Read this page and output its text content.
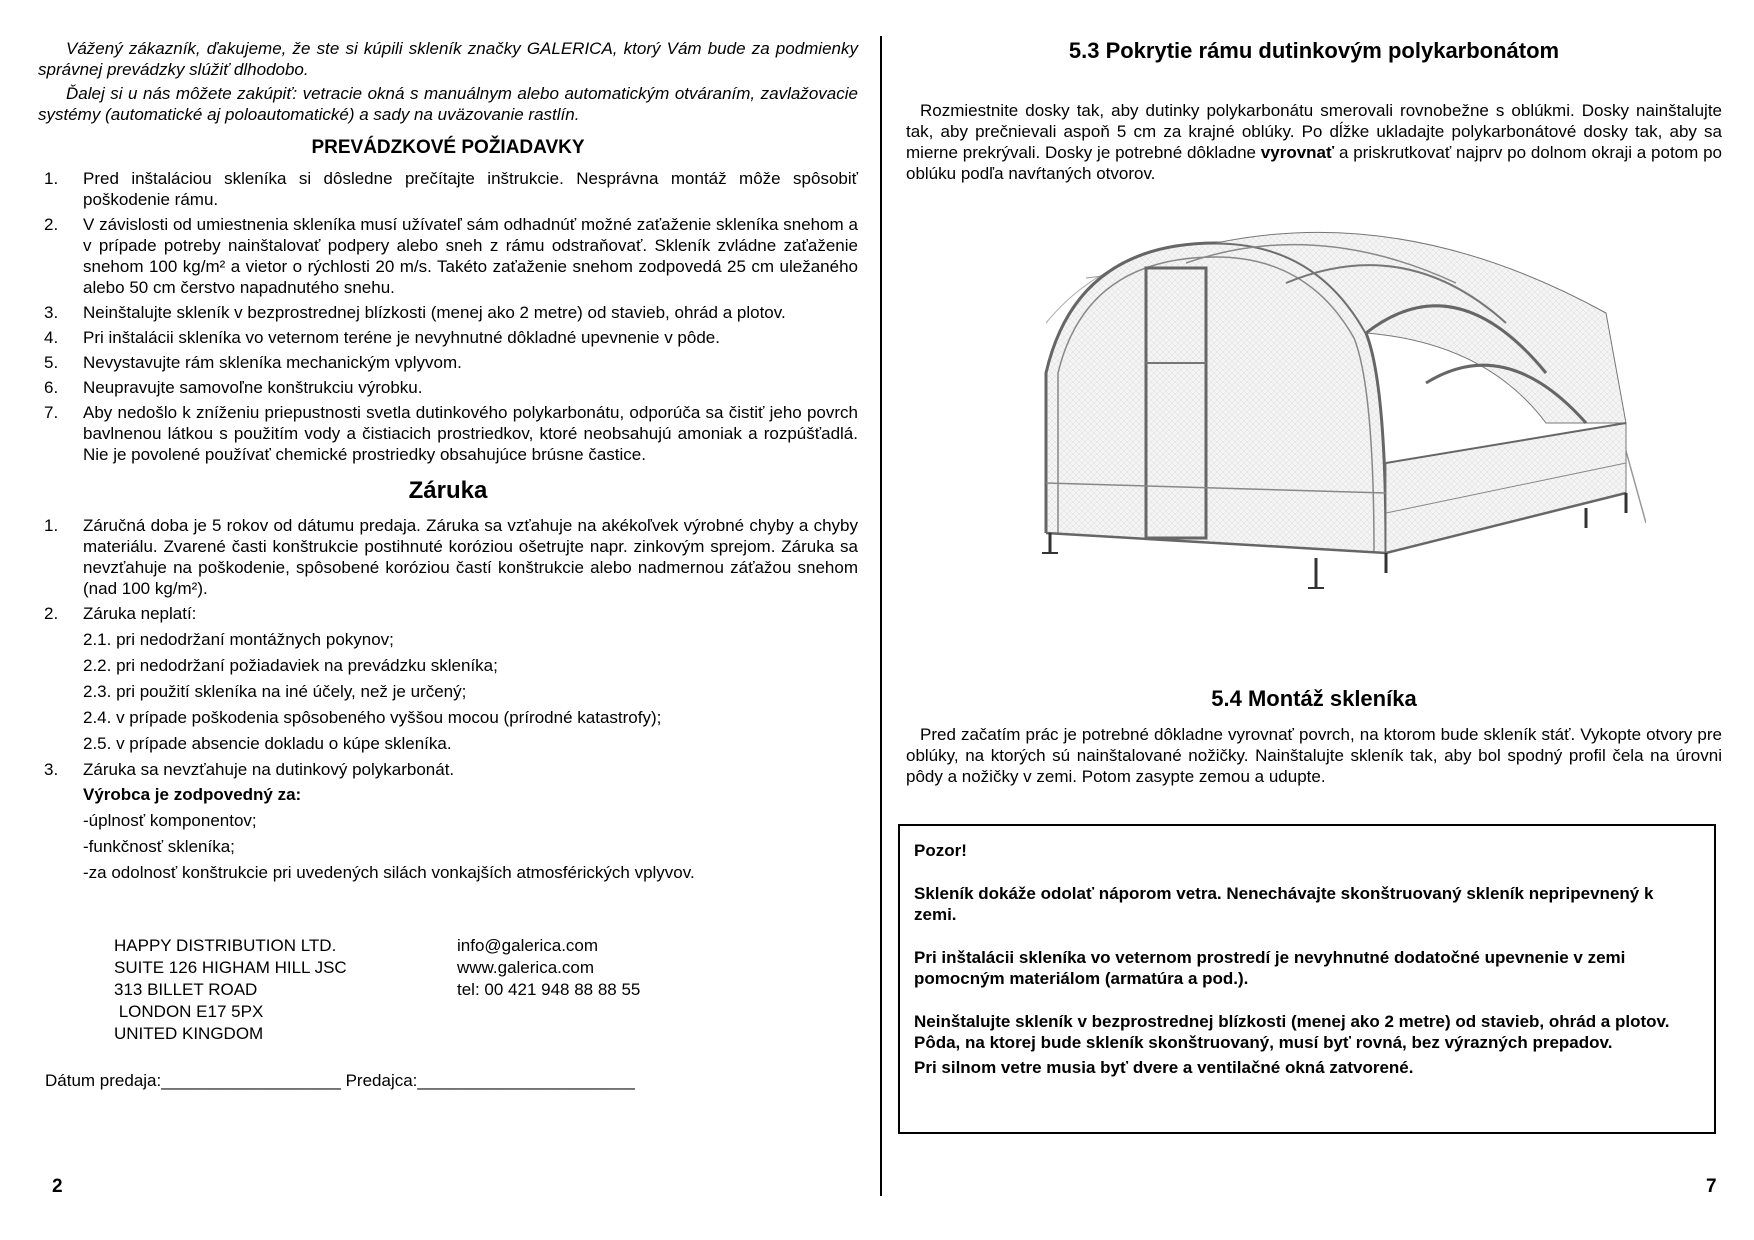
Vážený zákazník, ďakujeme, že ste si kúpili skleník značky GALERICA, ktorý Vám bude za podmienky správnej prevádzky slúžiť dlhodobo.

Ďalej si u nás môžete zakúpiť: vetracie okná s manuálnym alebo automatickým otváraním, zavlažovacie systémy (automatické aj poloautomatické) a sady na uväzovanie rastlín.

PREVÁDZKOVÉ POŽIADAVKY
1. Pred inštaláciou skleníka si dôsledne prečítajte inštrukcie. Nesprávna montáž môže spôsobiť poškodenie rámu.
2. V závislosti od umiestnenia skleníka musí užívateľ sám odhadnúť možné zaťaženie skleníka snehom a v prípade potreby nainštalovať podpery alebo sneh z rámu odstraňovať. Skleník zvládne zaťaženie snehom 100 kg/m² a vietor o rýchlosti 20 m/s. Takéto zaťaženie snehom zodpovedá 25 cm uležaného alebo 50 cm čerstvo napadnutého snehu.
3. Neinštalujte skleník v bezprostrednej blízkosti (menej ako 2 metre) od stavieb, ohrád a plotov.
4. Pri inštalácii skleníka vo veternom teréne je nevyhnutné dôkladné upevnenie v pôde.
5. Nevystavujte rám skleníka mechanickým vplyvom.
6. Neupravujte samovoľne konštrukciu výrobku.
7. Aby nedošlo k zníženiu priepustnosti svetla dutinkového polykarbonátu, odporúča sa čistiť jeho povrch bavlnenou látkou s použitím vody a čistiacich prostriedkov, ktoré neobsahujú amoniak a rozpúšťadlá. Nie je povolené používať chemické prostriedky obsahujúce brúsne častice.
Záruka
1. Záručná doba je 5 rokov od dátumu predaja. Záruka sa vzťahuje na akékoľvek výrobné chyby a chyby materiálu. Zvarené časti konštrukcie postihnuté koróziou ošetrujte napr. zinkovým sprejom. Záruka sa nevzťahuje na poškodenie, spôsobené koróziou častí konštrukcie alebo nadmernou záťažou snehom (nad 100 kg/m²).
2. Záruka neplatí:
2.1. pri nedodržaní montážnych pokynov;
2.2. pri nedodržaní požiadaviek na prevádzku skleníka;
2.3. pri použití skleníka na iné účely, než je určený;
2.4. v prípade poškodenia spôsobeného vyššou mocou (prírodné katastrofy);
2.5. v prípade absencie dokladu o kúpe skleníka.
3. Záruka sa nevzťahuje na dutinkový polykarbonát.
Výrobca je zodpovedný za:
-úplnosť komponentov;
-funkčnosť skleníka;
-za odolnosť konštrukcie pri uvedených silách vonkajších atmosférických vplyvov.
HAPPY DISTRIBUTION LTD.
SUITE 126 HIGHAM HILL JSC
313 BILLET ROAD
LONDON E17 5PX
UNITED KINGDOM
info@galerica.com
www.galerica.com
tel: 00 421 948 88 88 55
Dátum predaja:___________________ Predajca:_______________________
2
5.3 Pokrytie rámu dutinkovým polykarbonátom

Rozmiestnite dosky tak, aby dutinky polykarbonátu smerovali rovnobežne s oblúkmi. Dosky nainštalujte tak, aby prečnievali aspoň 5 cm za krajné oblúky. Po dĺžke ukladajte polykarbonátové dosky tak, aby sa mierne prekrývali. Dosky je potrebné dôkladne vyrovnať a priskrutkovať najprv po dolnom okraji a potom po oblúku podľa navŕtaných otvorov.

5.4 Montáž skleníka

Pred začatím prác je potrebné dôkladne vyrovnať povrch, na ktorom bude skleník stáť. Vykopte otvory pre oblúky, na ktorých sú nainštalované nožičky. Nainštalujte skleník tak, aby bol spodný profil čela na úrovni pôdy a nožičky v zemi. Potom zasypte zemou a udupte.

Pozor!
Skleník dokáže odolať náporom vetra. Nenechávajte skonštruovaný skleník nepripevnený k zemi.
Pri inštalácii skleníka vo veternom prostredí je nevyhnutné dodatočné upevnenie v zemi pomocným materiálom (armatúra a pod.).
Neinštalujte skleník v bezprostrednej blízkosti (menej ako 2 metre) od stavieb, ohrád a plotov.
Pôda, na ktorej bude skleník skonštruovaný, musí byť rovná, bez výrazných prepadov.
Pri silnom vetre musia byť dvere a ventilačné okná zatvorené.
7
